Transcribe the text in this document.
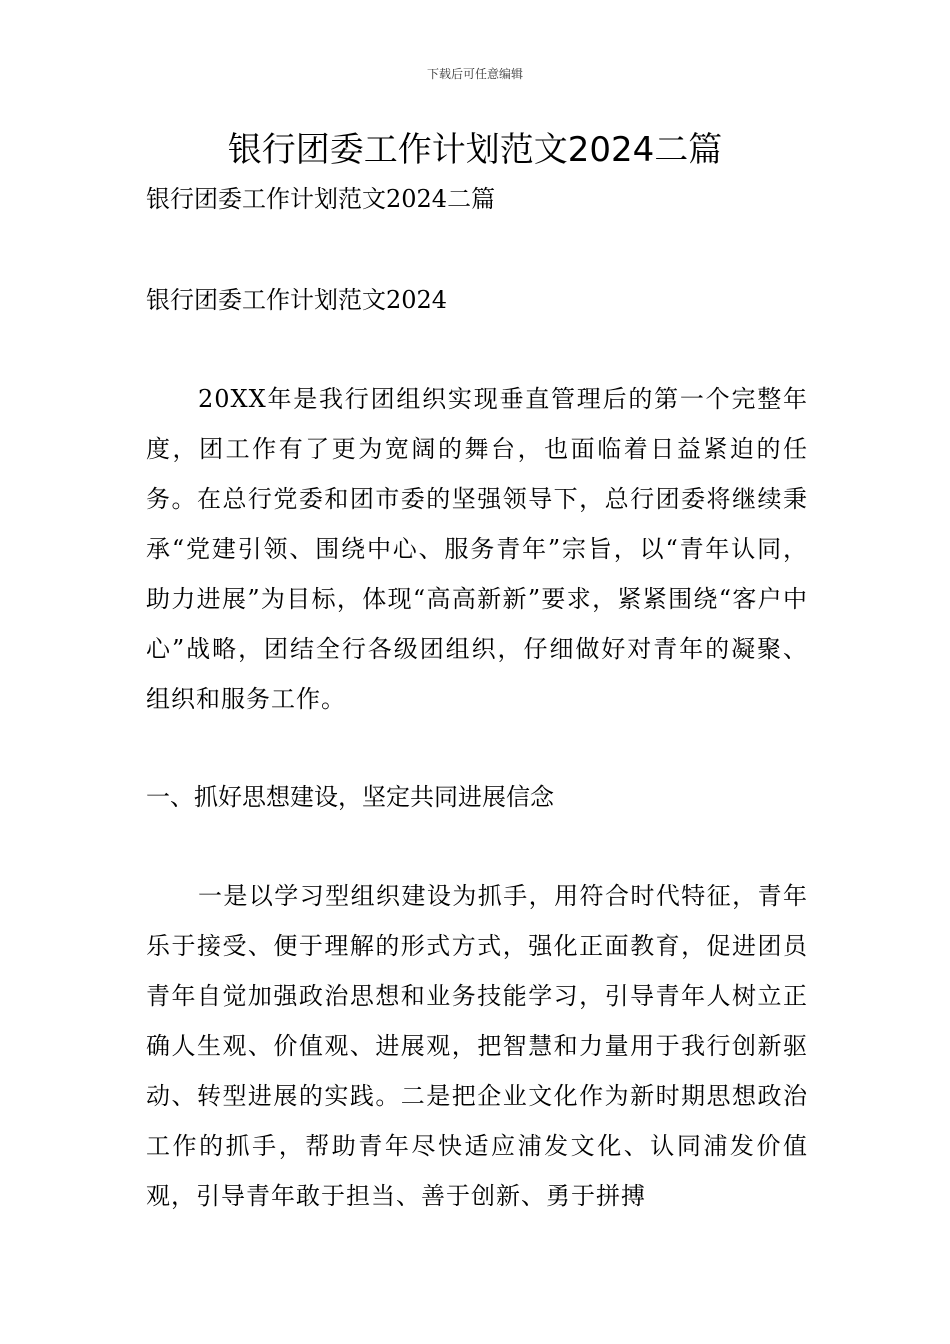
下载后可任意编辑
银行团委工作计划范文2024二篇
银行团委工作计划范文2024二篇
银行团委工作计划范文2024

20XX年是我行团组织实现垂直管理后的第一个完整年度，团工作有了更为宽阔的舞台，也面临着日益紧迫的任务。在总行党委和团市委的坚强领导下，总行团委将继续秉承“党建引领、围绕中心、服务青年”宗旨，以“青年认同，助力进展”为目标，体现“高高新新”要求，紧紧围绕“客户中心”战略，团结全行各级团组织，仔细做好对青年的凝聚、组织和服务工作。

一、抓好思想建设，坚定共同进展信念

一是以学习型组织建设为抓手，用符合时代特征，青年乐于接受、便于理解的形式方式，强化正面教育，促进团员青年自觉加强政治思想和业务技能学习，引导青年人树立正确人生观、价值观、进展观，把智慧和力量用于我行创新驱动、转型进展的实践。二是把企业文化作为新时期思想政治工作的抓手，帮助青年尽快适应浦发文化、认同浦发价值观，引导青年敢于担当、善于创新、勇于拼搏
